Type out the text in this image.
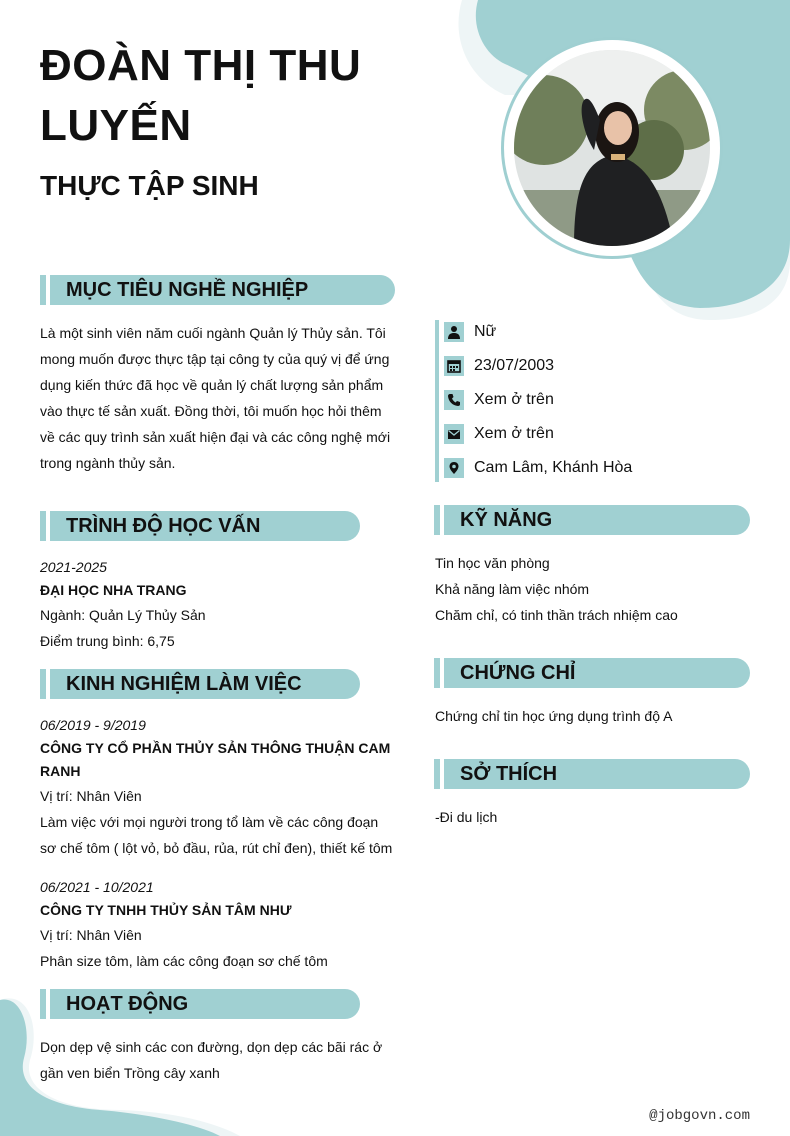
ĐOÀN THỊ THU LUYẾN
THỰC TẬP SINH
MỤC TIÊU NGHỀ NGHIỆP
Là một sinh viên năm cuối ngành Quản lý Thủy sản. Tôi mong muốn được thực tập tại công ty của quý vị để ứng dụng kiến thức đã học về quản lý chất lượng sản phẩm vào thực tế sản xuất. Đồng thời, tôi muốn học hỏi thêm về các quy trình sản xuất hiện đại và các công nghệ mới trong ngành thủy sản.
TRÌNH ĐỘ HỌC VẤN
2021-2025
ĐẠI HỌC NHA TRANG
Ngành: Quản Lý Thủy Sản
Điểm trung bình: 6,75
KINH NGHIỆM LÀM VIỆC
06/2019 - 9/2019
CÔNG TY CỔ PHẦN THỦY SẢN THÔNG THUẬN CAM RANH
Vị trí: Nhân Viên
Làm việc với mọi người trong tổ làm về các công đoạn sơ chế tôm ( lột vỏ, bỏ đầu, rủa, rút chỉ đen), thiết kế tôm
06/2021 - 10/2021
CÔNG TY TNHH THỦY SẢN TÂM NHƯ
Vị trí: Nhân Viên
Phân size tôm, làm các công đoạn sơ chế tôm
HOẠT ĐỘNG
Dọn dẹp vệ sinh các con đường, dọn dẹp các bãi rác ở gần ven biển Trồng cây xanh
Nữ
23/07/2003
Xem ở trên
Xem ở trên
Cam Lâm, Khánh Hòa
KỸ NĂNG
Tin học văn phòng
Khả năng làm việc nhóm
Chăm chỉ, có tinh thần trách nhiệm cao
CHỨNG CHỈ
Chứng chỉ tin học ứng dụng trình độ A
SỞ THÍCH
-Đi du lịch
@jobgovn.com
